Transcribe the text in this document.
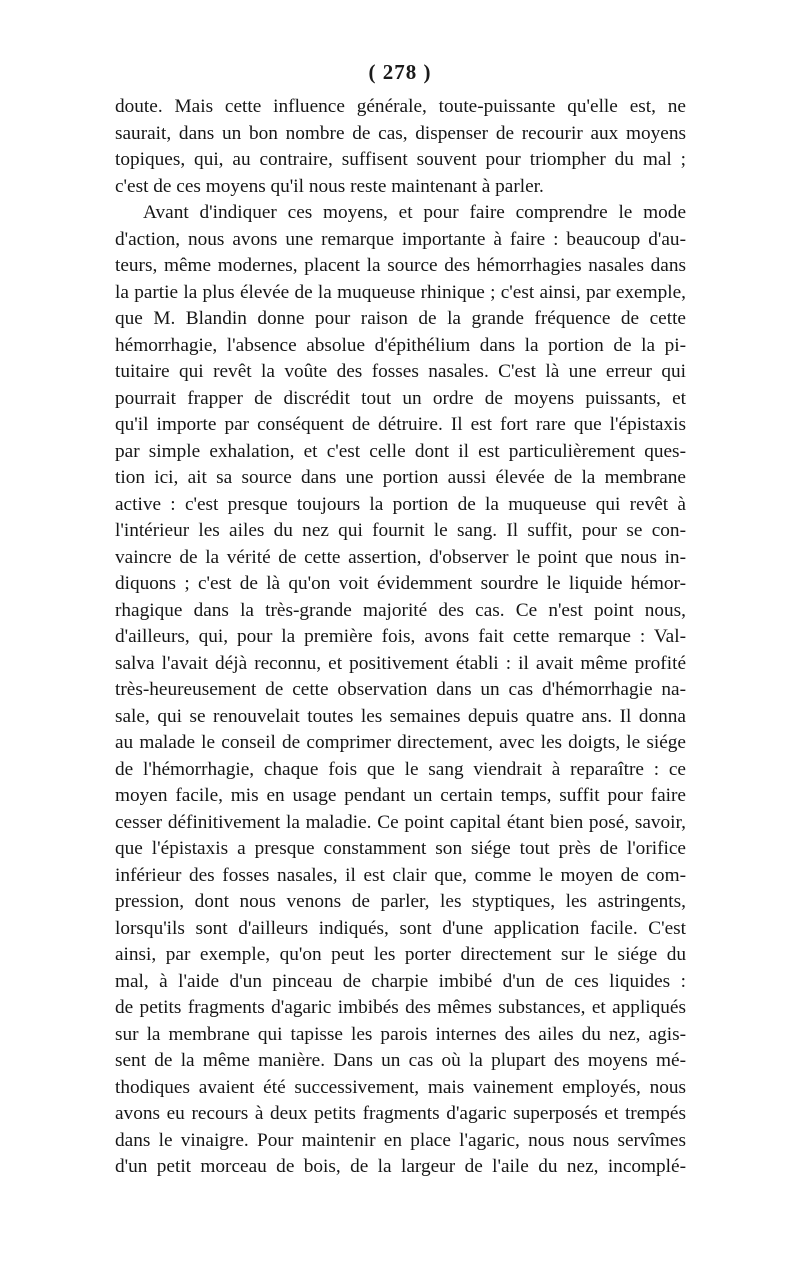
( 278 )
doute. Mais cette influence générale, toute-puissante qu'elle est, ne
saurait, dans un bon nombre de cas, dispenser de recourir aux moyens
topiques, qui, au contraire, suffisent souvent pour triompher du mal ;
c'est de ces moyens qu'il nous reste maintenant à parler.
Avant d'indiquer ces moyens, et pour faire comprendre le mode
d'action, nous avons une remarque importante à faire : beaucoup d'au-
teurs, même modernes, placent la source des hémorrhagies nasales dans
la partie la plus élevée de la muqueuse rhinique ; c'est ainsi, par exemple,
que M. Blandin donne pour raison de la grande fréquence de cette
hémorrhagie, l'absence absolue d'épithélium dans la portion de la pi-
tuitaire qui revêt la voûte des fosses nasales. C'est là une erreur qui
pourrait frapper de discrédit tout un ordre de moyens puissants, et
qu'il importe par conséquent de détruire. Il est fort rare que l'épistaxis
par simple exhalation, et c'est celle dont il est particulièrement ques-
tion ici, ait sa source dans une portion aussi élevée de la membrane
active : c'est presque toujours la portion de la muqueuse qui revêt à
l'intérieur les ailes du nez qui fournit le sang. Il suffit, pour se con-
vaincre de la vérité de cette assertion, d'observer le point que nous in-
diquons ; c'est de là qu'on voit évidemment sourdre le liquide hémor-
rhagique dans la très-grande majorité des cas. Ce n'est point nous,
d'ailleurs, qui, pour la première fois, avons fait cette remarque : Val-
salva l'avait déjà reconnu, et positivement établi : il avait même profité
très-heureusement de cette observation dans un cas d'hémorrhagie na-
sale, qui se renouvelait toutes les semaines depuis quatre ans. Il donna
au malade le conseil de comprimer directement, avec les doigts, le siége
de l'hémorrhagie, chaque fois que le sang viendrait à reparaître : ce
moyen facile, mis en usage pendant un certain temps, suffit pour faire
cesser définitivement la maladie. Ce point capital étant bien posé, savoir,
que l'épistaxis a presque constamment son siége tout près de l'orifice
inférieur des fosses nasales, il est clair que, comme le moyen de com-
pression, dont nous venons de parler, les styptiques, les astringents,
lorsqu'ils sont d'ailleurs indiqués, sont d'une application facile. C'est
ainsi, par exemple, qu'on peut les porter directement sur le siége du
mal, à l'aide d'un pinceau de charpie imbibé d'un de ces liquides :
de petits fragments d'agaric imbibés des mêmes substances, et appliqués
sur la membrane qui tapisse les parois internes des ailes du nez, agis-
sent de la même manière. Dans un cas où la plupart des moyens mé-
thodiques avaient été successivement, mais vainement employés, nous
avons eu recours à deux petits fragments d'agaric superposés et trempés
dans le vinaigre. Pour maintenir en place l'agaric, nous nous servîmes
d'un petit morceau de bois, de la largeur de l'aile du nez, incomplé-
